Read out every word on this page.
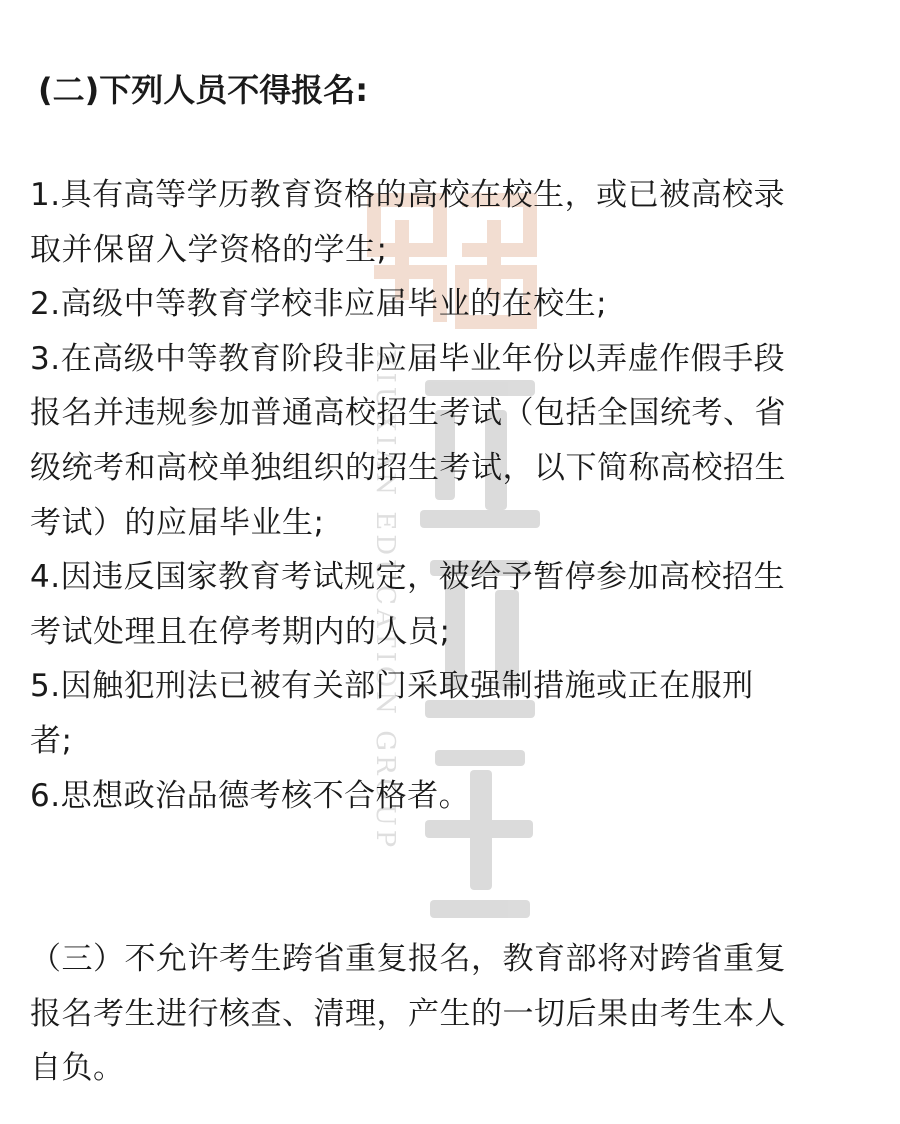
XIUXIAN EDUCATION GROUP
(二)下列人员不得报名:
1.具有高等学历教育资格的高校在校生，或已被高校录
取并保留入学资格的学生;
2.高级中等教育学校非应届毕业的在校生;
3.在高级中等教育阶段非应届毕业年份以弄虚作假手段
报名并违规参加普通高校招生考试（包括全国统考、省
级统考和高校单独组织的招生考试，以下简称高校招生
考试）的应届毕业生;
4.因违反国家教育考试规定，被给予暂停参加高校招生
考试处理且在停考期内的人员;
5.因触犯刑法已被有关部门采取强制措施或正在服刑
者;
6.思想政治品德考核不合格者。
（三）不允许考生跨省重复报名，教育部将对跨省重复
报名考生进行核查、清理，产生的一切后果由考生本人
自负。
